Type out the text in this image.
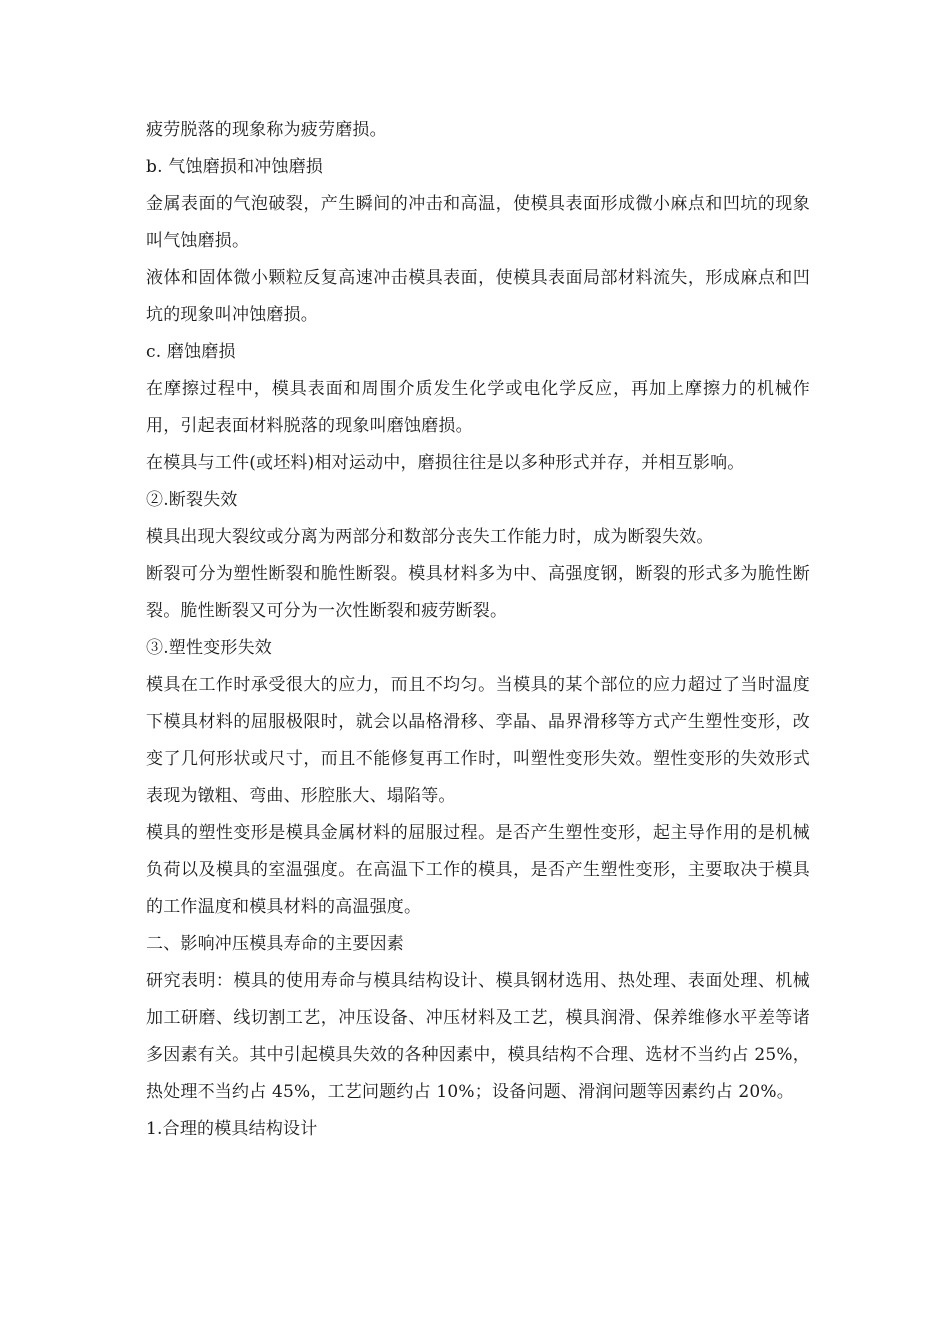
疲劳脱落的现象称为疲劳磨损。

b. 气蚀磨损和冲蚀磨损

金属表面的气泡破裂，产生瞬间的冲击和高温，使模具表面形成微小麻点和凹坑的现象叫气蚀磨损。

液体和固体微小颗粒反复高速冲击模具表面，使模具表面局部材料流失，形成麻点和凹坑的现象叫冲蚀磨损。

c. 磨蚀磨损

在摩擦过程中，模具表面和周围介质发生化学或电化学反应，再加上摩擦力的机械作用，引起表面材料脱落的现象叫磨蚀磨损。

在模具与工件(或坯料)相对运动中，磨损往往是以多种形式并存，并相互影响。

②.断裂失效

模具出现大裂纹或分离为两部分和数部分丧失工作能力时，成为断裂失效。

断裂可分为塑性断裂和脆性断裂。模具材料多为中、高强度钢，断裂的形式多为脆性断裂。脆性断裂又可分为一次性断裂和疲劳断裂。

③.塑性变形失效

模具在工作时承受很大的应力，而且不均匀。当模具的某个部位的应力超过了当时温度下模具材料的屈服极限时，就会以晶格滑移、孪晶、晶界滑移等方式产生塑性变形，改变了几何形状或尺寸，而且不能修复再工作时，叫塑性变形失效。塑性变形的失效形式表现为镦粗、弯曲、形腔胀大、塌陷等。

模具的塑性变形是模具金属材料的屈服过程。是否产生塑性变形，起主导作用的是机械负荷以及模具的室温强度。在高温下工作的模具，是否产生塑性变形，主要取决于模具的工作温度和模具材料的高温强度。

二、影响冲压模具寿命的主要因素

研究表明：模具的使用寿命与模具结构设计、模具钢材选用、热处理、表面处理、机械加工研磨、线切割工艺，冲压设备、冲压材料及工艺，模具润滑、保养维修水平差等诸多因素有关。其中引起模具失效的各种因素中，模具结构不合理、选材不当约占 25%，热处理不当约占 45%，工艺问题约占 10%；设备问题、滑润问题等因素约占 20%。

1.合理的模具结构设计
